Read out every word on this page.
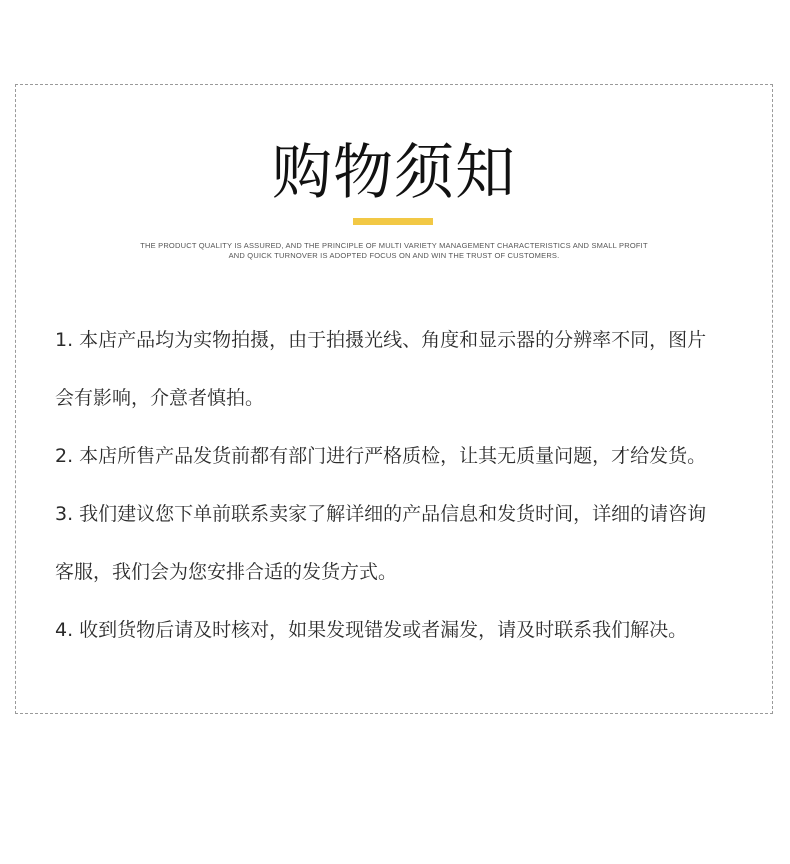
购物须知
THE PRODUCT QUALITY IS ASSURED, AND THE PRINCIPLE OF MULTI VARIETY MANAGEMENT CHARACTERISTICS AND SMALL PROFIT
AND QUICK TURNOVER IS ADOPTED FOCUS ON AND WIN THE TRUST OF CUSTOMERS.

1. 本店产品均为实物拍摄，由于拍摄光线、角度和显示器的分辨率不同，图片

会有影响，介意者慎拍。

2. 本店所售产品发货前都有部门进行严格质检，让其无质量问题，才给发货。

3. 我们建议您下单前联系卖家了解详细的产品信息和发货时间，详细的请咨询

客服，我们会为您安排合适的发货方式。

4. 收到货物后请及时核对，如果发现错发或者漏发，请及时联系我们解决。
